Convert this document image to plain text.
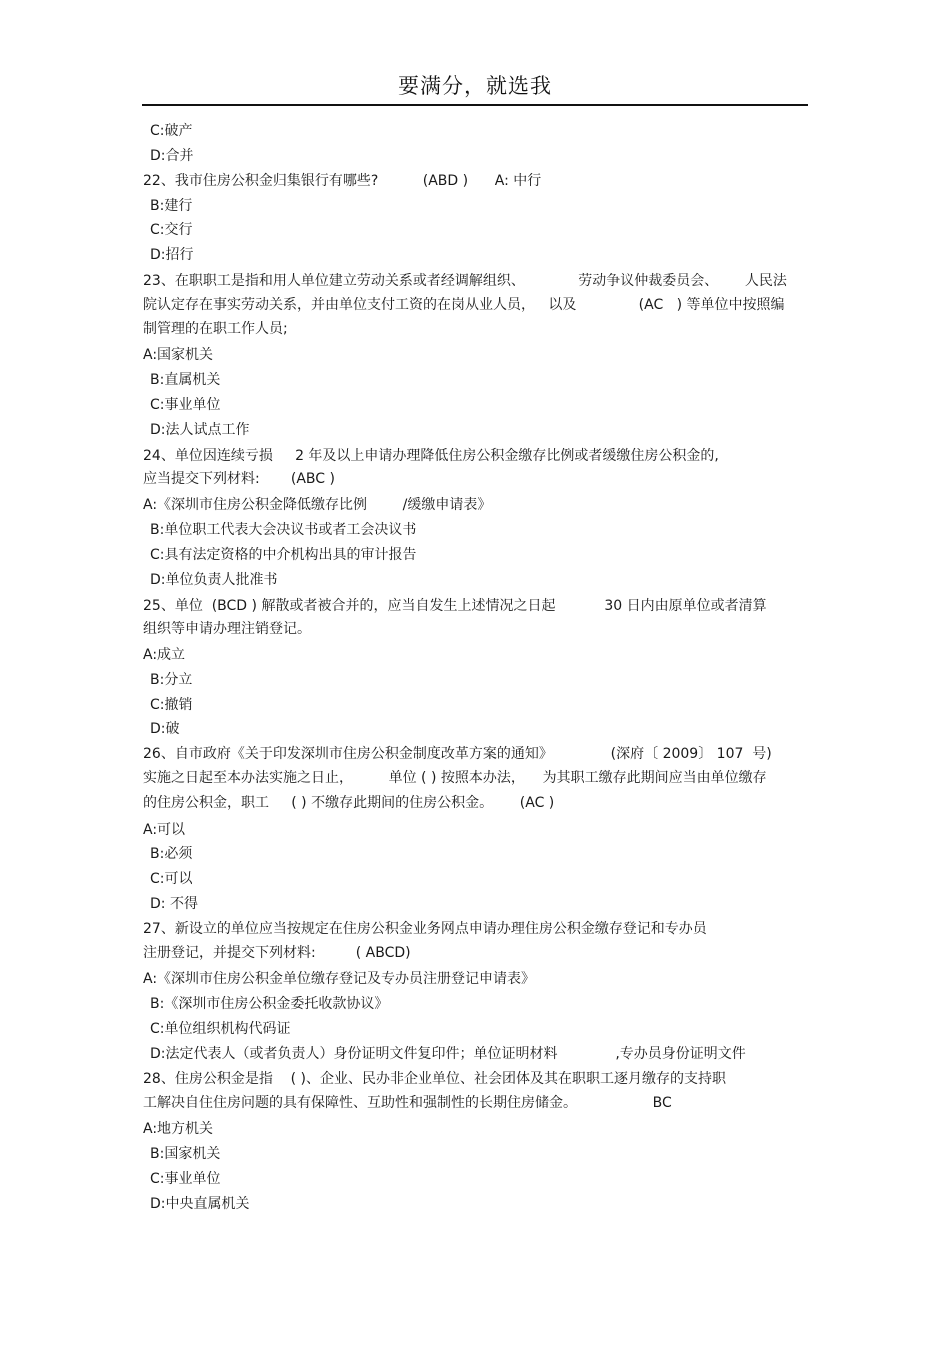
要满分，就选我
C:破产
D:合并
22、我市住房公积金归集银行有哪些?          (ABD )      A: 中行
B:建行
C:交行
D:招行
23、在职职工是指和用人单位建立劳动关系或者经调解组织、            劳动争议仲裁委员会、      人民法
院认定存在事实劳动关系，并由单位支付工资的在岗从业人员，   以及              (AC   ) 等单位中按照编
制管理的在职工作人员;
A:国家机关
B:直属机关
C:事业单位
D:法人试点工作
24、单位因连续亏损     2 年及以上申请办理降低住房公积金缴存比例或者缓缴住房公积金的,
应当提交下列材料:       (ABC )
A:《深圳市住房公积金降低缴存比例        /缓缴申请表》
B:单位职工代表大会决议书或者工会决议书
C:具有法定资格的中介机构出具的审计报告
D:单位负责人批准书
25、单位  (BCD ) 解散或者被合并的，应当自发生上述情况之日起           30 日内由原单位或者清算
组织等申请办理注销登记。
A:成立
B:分立
C:撤销
D:破
26、自市政府《关于印发深圳市住房公积金制度改革方案的通知》             (深府〔 2009〕 107  号)
实施之日起至本办法实施之日止，        单位 ( ) 按照本办法，    为其职工缴存此期间应当由单位缴存
的住房公积金，职工     ( ) 不缴存此期间的住房公积金。      (AC )
A:可以
B:必须
C:可以
D: 不得
27、新设立的单位应当按规定在住房公积金业务网点申请办理住房公积金缴存登记和专办员
注册登记，并提交下列材料:         ( ABCD)
A:《深圳市住房公积金单位缴存登记及专办员注册登记申请表》
B:《深圳市住房公积金委托收款协议》
C:单位组织机构代码证
D:法定代表人（或者负责人）身份证明文件复印件；单位证明材料             ,专办员身份证明文件
28、住房公积金是指    ( )、企业、民办非企业单位、社会团体及其在职职工逐月缴存的支持职
工解决自住住房问题的具有保障性、互助性和强制性的长期住房储金。                 BC
A:地方机关
B:国家机关
C:事业单位
D:中央直属机关
